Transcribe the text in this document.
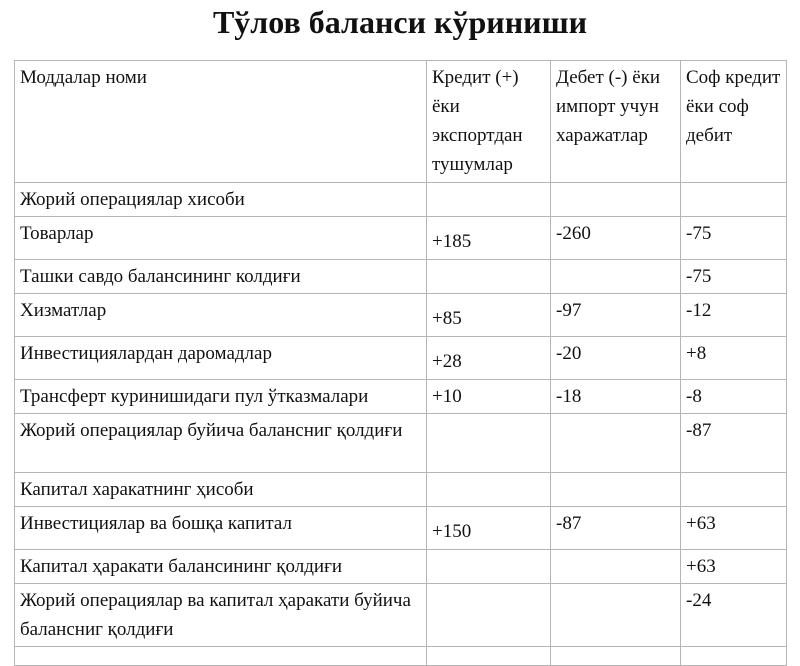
Тўлов баланси кўриниши
Моддалар номи	Кредит (+) ёки экспортдан тушумлар	Дебет (-) ёки импорт учун харажатлар	Соф кредит ёки соф дебит
Жорий операциялар хисоби			
Товарлар	+185	-260	-75
Ташки савдо балансининг колдиғи			-75
Хизматлар	+85	-97	-12
Инвестициялардан даромадлар	+28	-20	+8
Трансферт куринишидаги пул ўтказмалари	+10	-18	-8
Жорий операциялар буйича балансниг қолдиғи			-87
Капитал харакатнинг ҳисоби			
Инвестициялар ва бошқа капитал	+150	-87	+63
Капитал ҳаракати балансининг қолдиғи			+63
Жорий операциялар ва капитал ҳаракати буйича балансниг қолдиғи			-24
